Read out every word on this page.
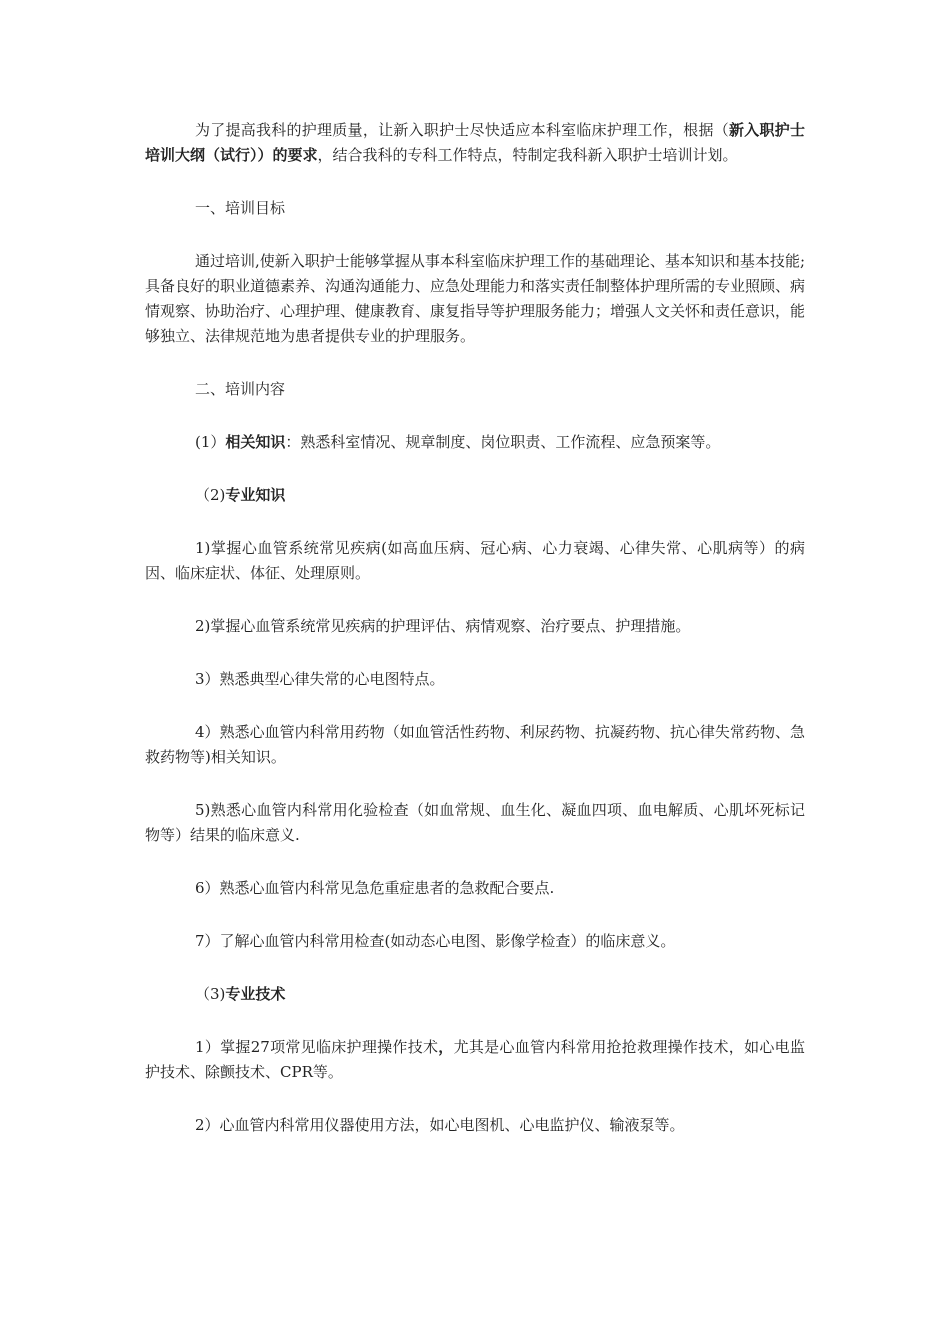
为了提高我科的护理质量，让新入职护士尽快适应本科室临床护理工作，根据（新入职护士培训大纲（试行））的要求，结合我科的专科工作特点，特制定我科新入职护士培训计划。

一、培训目标

通过培训,使新入职护士能够掌握从事本科室临床护理工作的基础理论、基本知识和基本技能;具备良好的职业道德素养、沟通沟通能力、应急处理能力和落实责任制整体护理所需的专业照顾、病情观察、协助治疗、心理护理、健康教育、康复指导等护理服务能力；增强人文关怀和责任意识，能够独立、法律规范地为患者提供专业的护理服务。

二、培训内容

(1）相关知识：熟悉科室情况、规章制度、岗位职责、工作流程、应急预案等。

（2)专业知识

1)掌握心血管系统常见疾病(如高血压病、冠心病、心力衰竭、心律失常、心肌病等）的病因、临床症状、体征、处理原则。

2)掌握心血管系统常见疾病的护理评估、病情观察、治疗要点、护理措施。

3）熟悉典型心律失常的心电图特点。

4）熟悉心血管内科常用药物（如血管活性药物、利尿药物、抗凝药物、抗心律失常药物、急救药物等)相关知识。

5)熟悉心血管内科常用化验检查（如血常规、血生化、凝血四项、血电解质、心肌坏死标记物等）结果的临床意义.

6）熟悉心血管内科常见急危重症患者的急救配合要点.

7）了解心血管内科常用检查(如动态心电图、影像学检查）的临床意义。

（3)专业技术

1）掌握27项常见临床护理操作技术，尤其是心血管内科常用抢抢救理操作技术，如心电监护技术、除颤技术、CPR等。

2）心血管内科常用仪器使用方法，如心电图机、心电监护仪、输液泵等。
